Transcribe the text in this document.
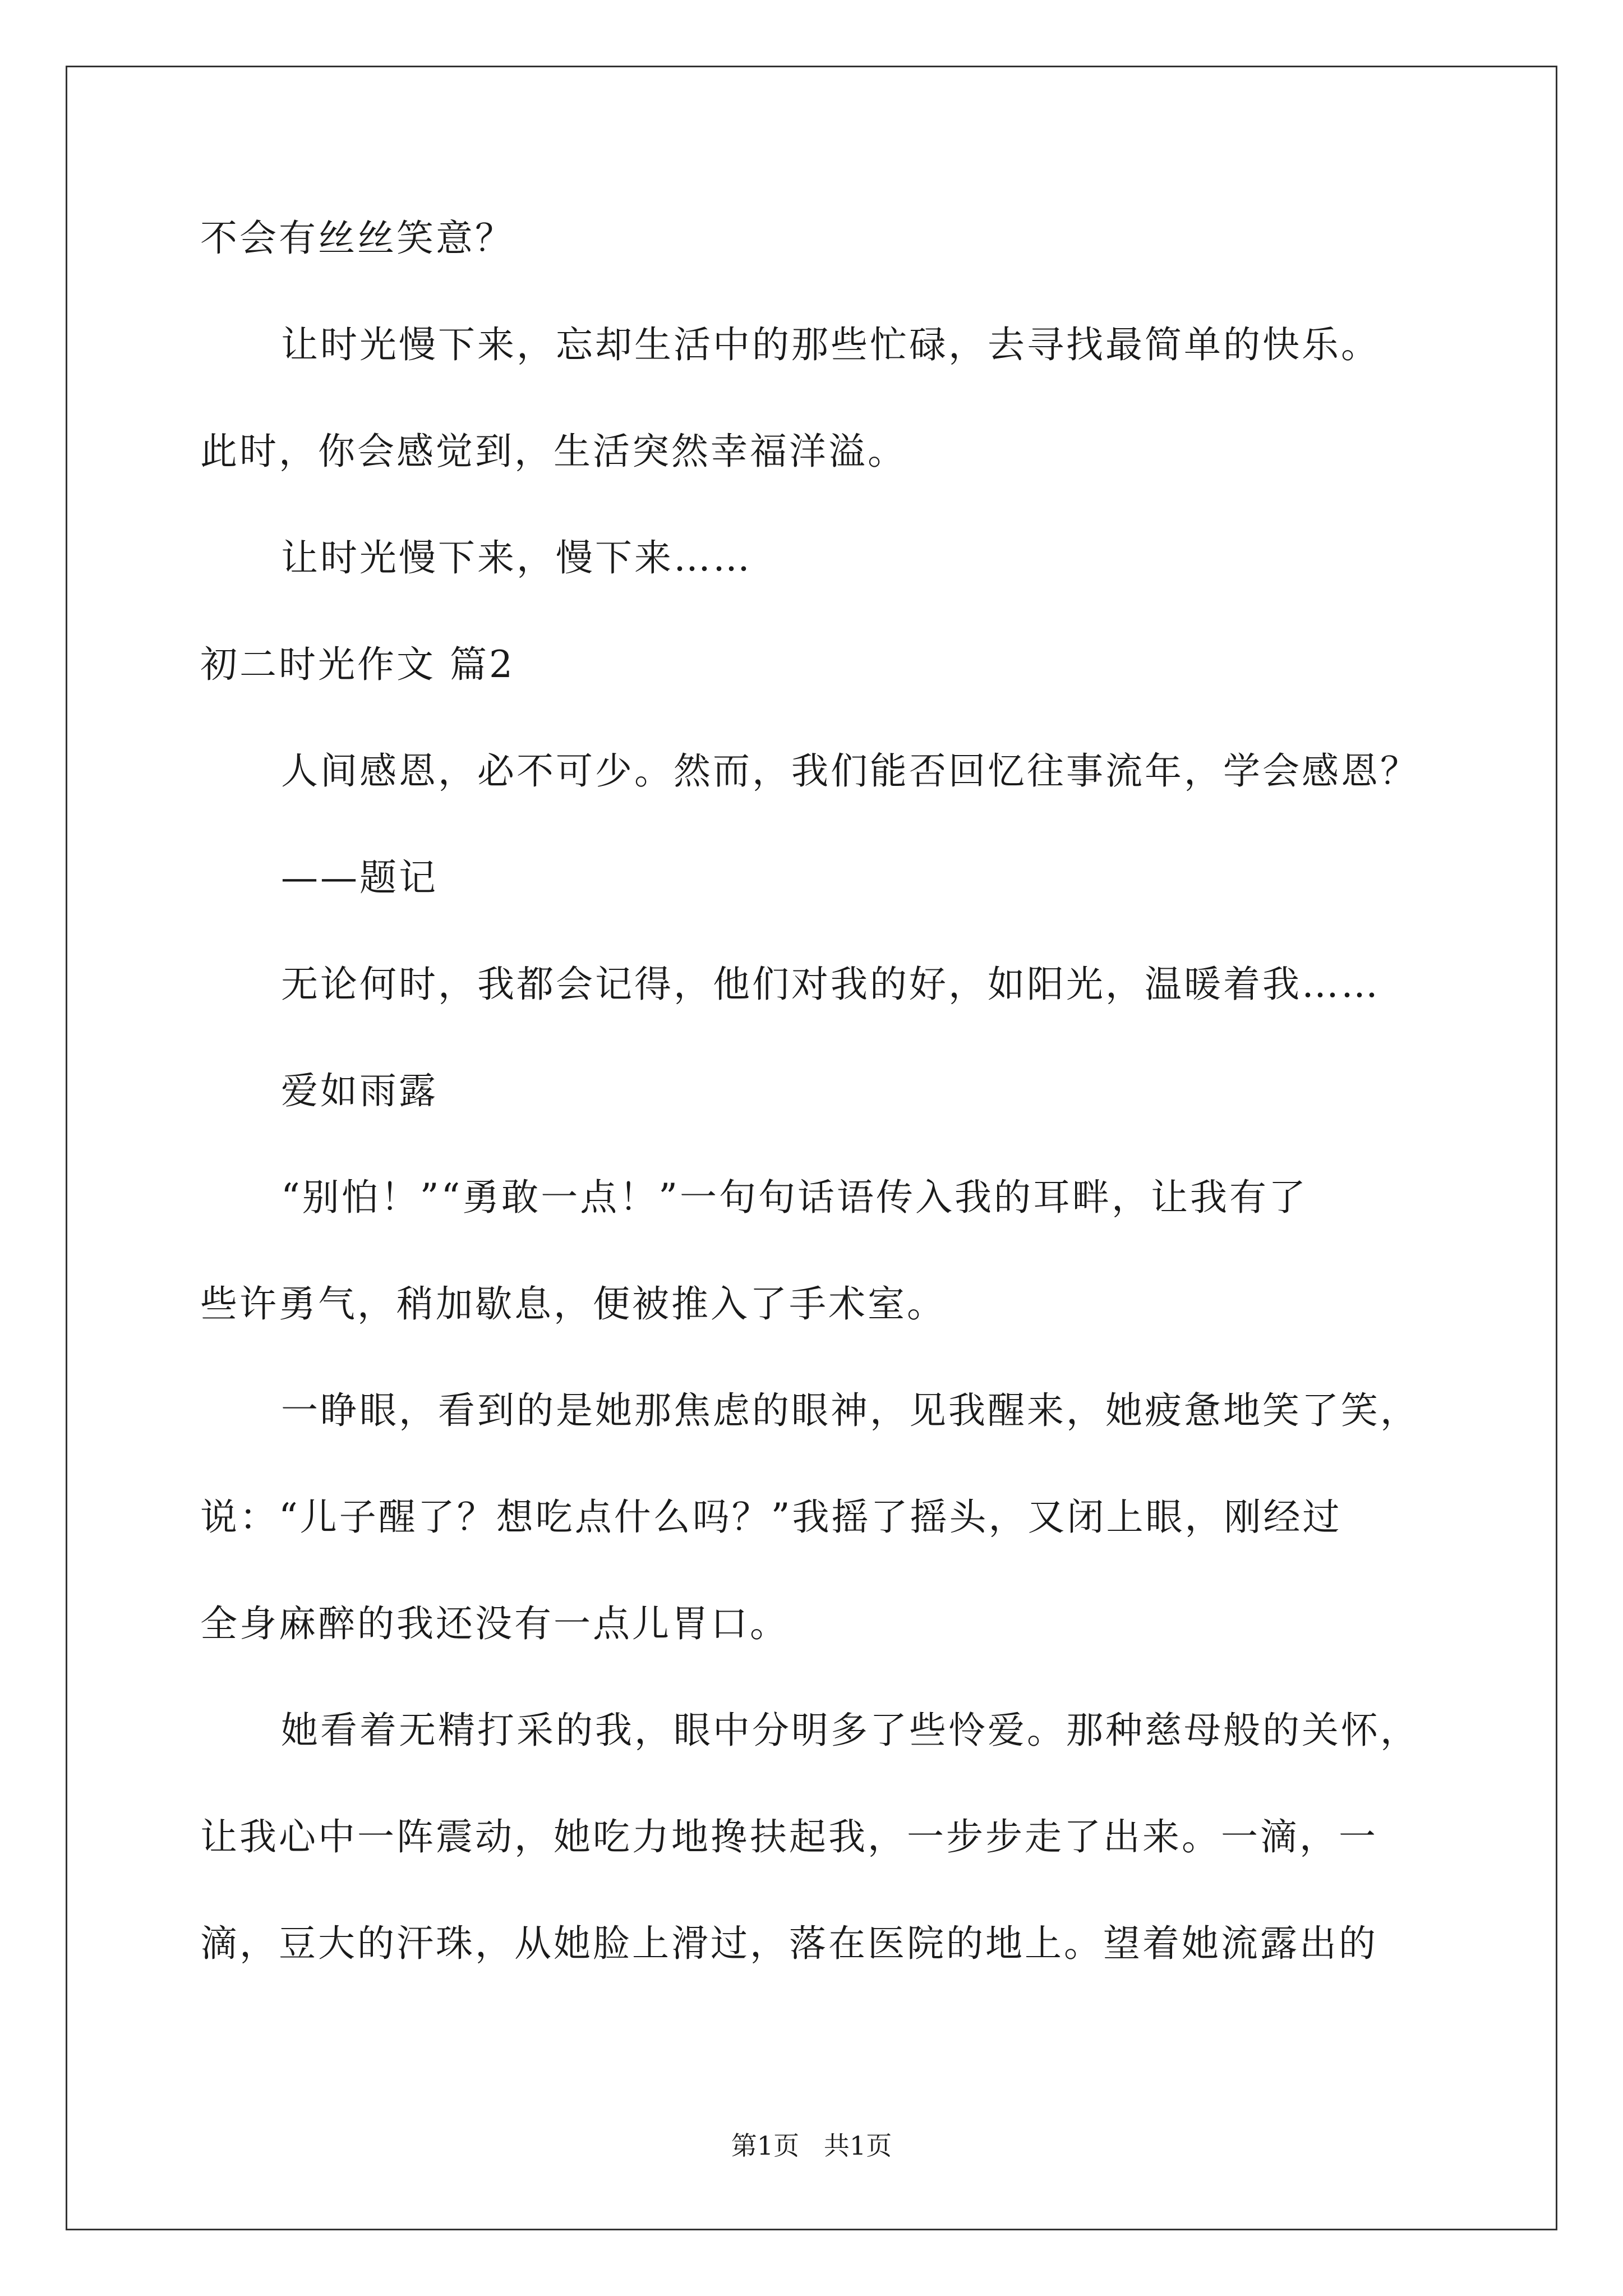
不会有丝丝笑意？
让时光慢下来，忘却生活中的那些忙碌，去寻找最简单的快乐。
此时，你会感觉到，生活突然幸福洋溢。
让时光慢下来，慢下来……
初二时光作文 篇2
人间感恩，必不可少。然而，我们能否回忆往事流年，学会感恩？
——题记
无论何时，我都会记得，他们对我的好，如阳光，温暖着我……
爱如雨露
“别怕！”“勇敢一点！”一句句话语传入我的耳畔，让我有了
些许勇气，稍加歇息，便被推入了手术室。
一睁眼，看到的是她那焦虑的眼神，见我醒来，她疲惫地笑了笑，
说：“儿子醒了？想吃点什么吗？”我摇了摇头，又闭上眼，刚经过
全身麻醉的我还没有一点儿胃口。
她看着无精打采的我，眼中分明多了些怜爱。那种慈母般的关怀，
让我心中一阵震动，她吃力地搀扶起我，一步步走了出来。一滴，一
滴，豆大的汗珠，从她脸上滑过，落在医院的地上。望着她流露出的
第1页   共1页
